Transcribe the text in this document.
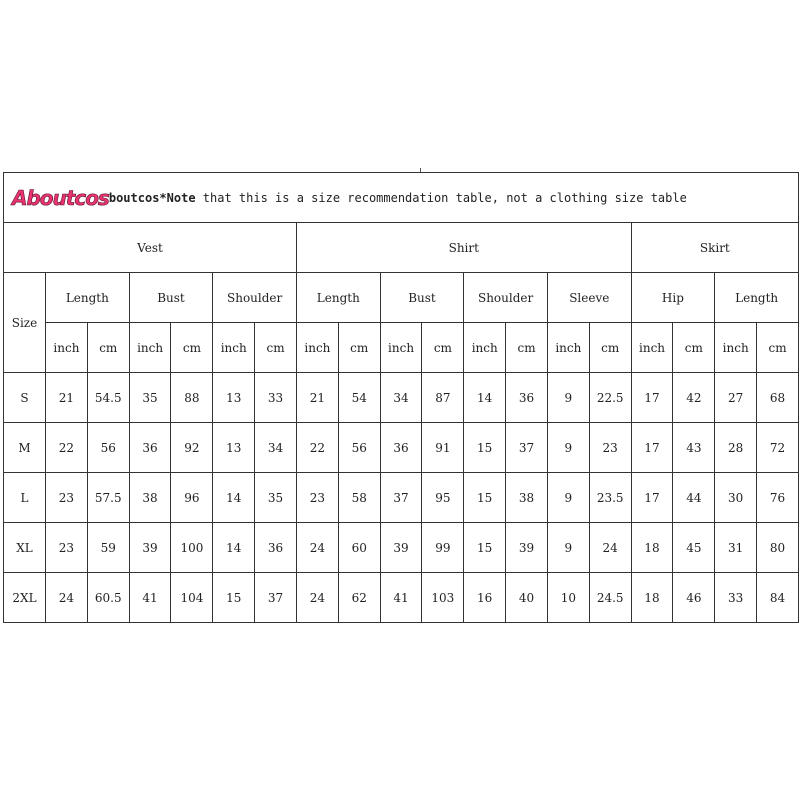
Aboutcosboutcos*Note that this is a size recommendation table, not a clothing size table																		
Vest							Shirt								Skirt			
Size	Length		Bust		Shoulder		Length		Bust		Shoulder		Sleeve		Hip		Length	
	inch	cm	inch	cm	inch	cm	inch	cm	inch	cm	inch	cm	inch	cm	inch	cm	inch	cm
S	21	54.5	35	88	13	33	21	54	34	87	14	36	9	22.5	17	42	27	68
M	22	56	36	92	13	34	22	56	36	91	15	37	9	23	17	43	28	72
L	23	57.5	38	96	14	35	23	58	37	95	15	38	9	23.5	17	44	30	76
XL	23	59	39	100	14	36	24	60	39	99	15	39	9	24	18	45	31	80
2XL	24	60.5	41	104	15	37	24	62	41	103	16	40	10	24.5	18	46	33	84
